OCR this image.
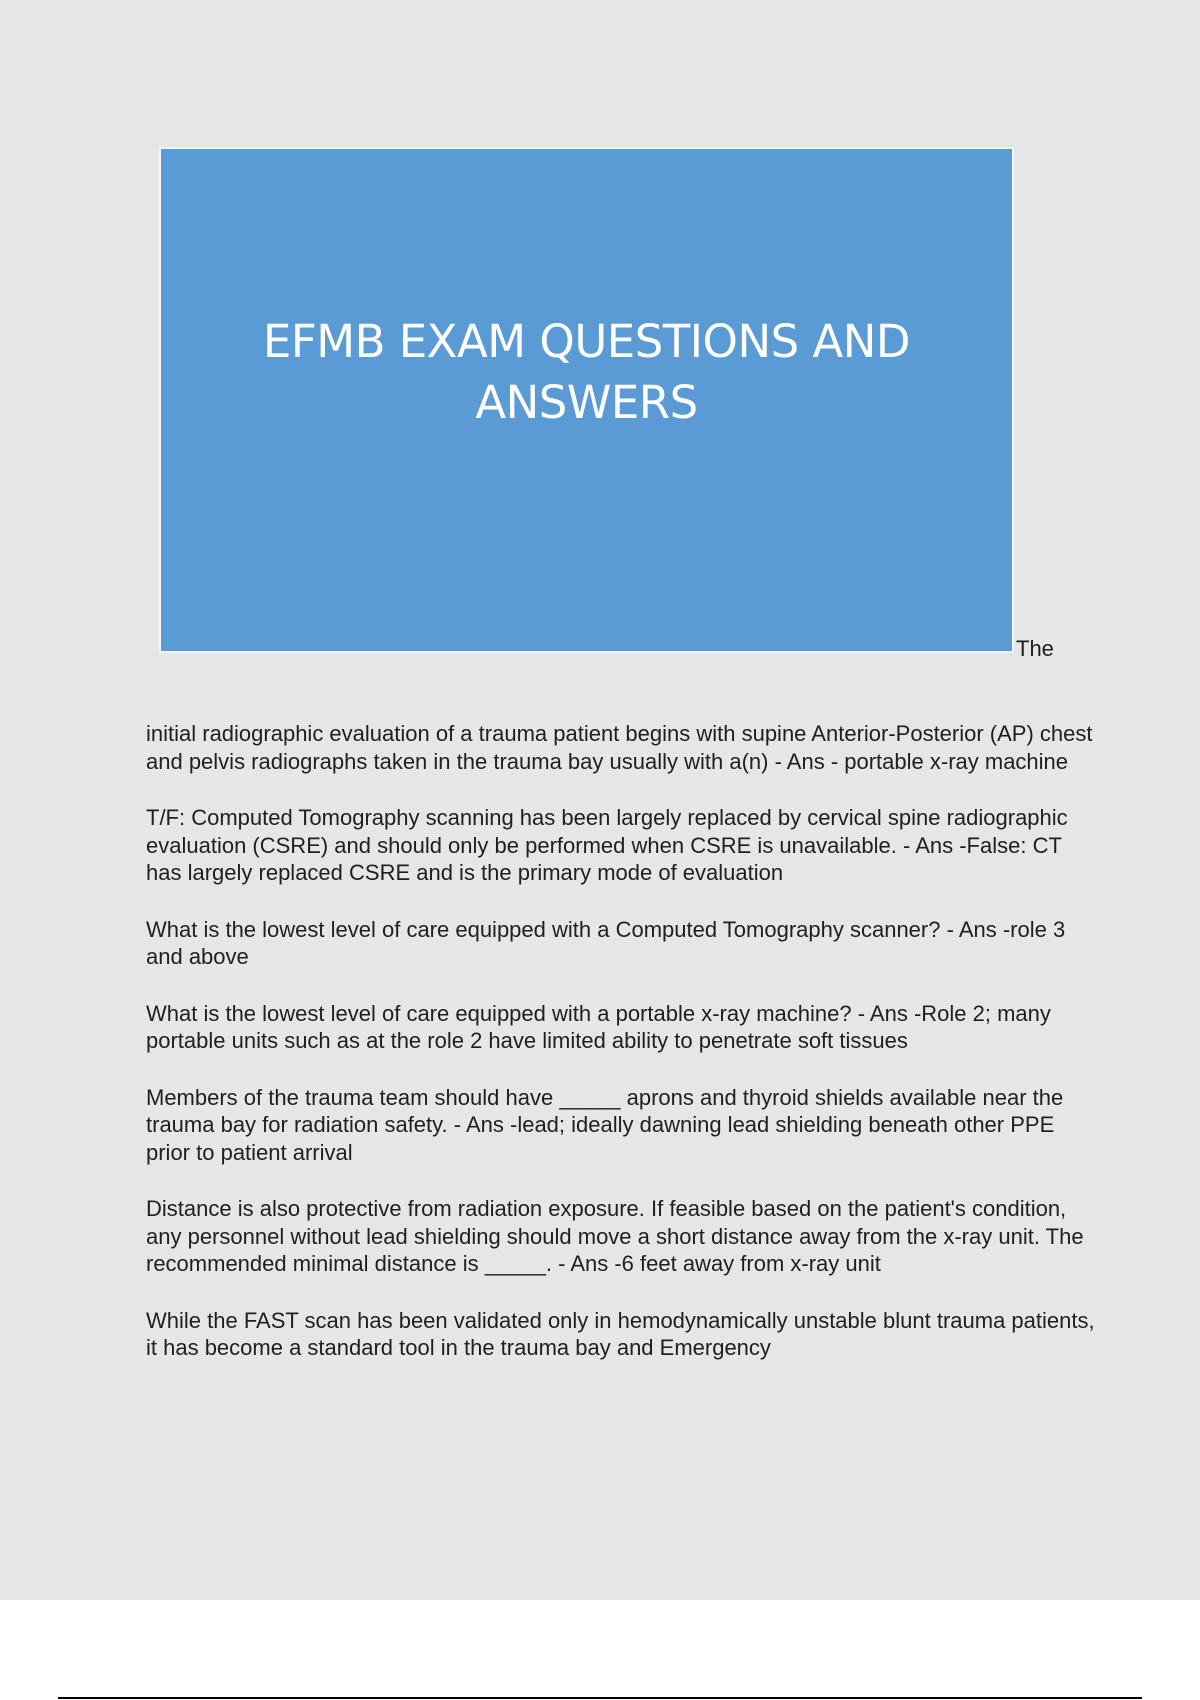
EFMB EXAM QUESTIONS AND ANSWERS
The

initial radiographic evaluation of a trauma patient begins with supine Anterior-Posterior (AP) chest and pelvis radiographs taken in the trauma bay usually with a(n) - Ans - portable x-ray machine

T/F: Computed Tomography scanning has been largely replaced by cervical spine radiographic evaluation (CSRE) and should only be performed when CSRE is unavailable. - Ans -False: CT has largely replaced CSRE and is the primary mode of evaluation

What is the lowest level of care equipped with a Computed Tomography scanner? - Ans -role 3 and above

What is the lowest level of care equipped with a portable x-ray machine? - Ans -Role 2; many portable units such as at the role 2 have limited ability to penetrate soft tissues

Members of the trauma team should have _____ aprons and thyroid shields available near the trauma bay for radiation safety. - Ans -lead; ideally dawning lead shielding beneath other PPE prior to patient arrival

Distance is also protective from radiation exposure. If feasible based on the patient's condition, any personnel without lead shielding should move a short distance away from the x-ray unit. The recommended minimal distance is _____. - Ans -6 feet away from x-ray unit

While the FAST scan has been validated only in hemodynamically unstable blunt trauma patients, it has become a standard tool in the trauma bay and Emergency
